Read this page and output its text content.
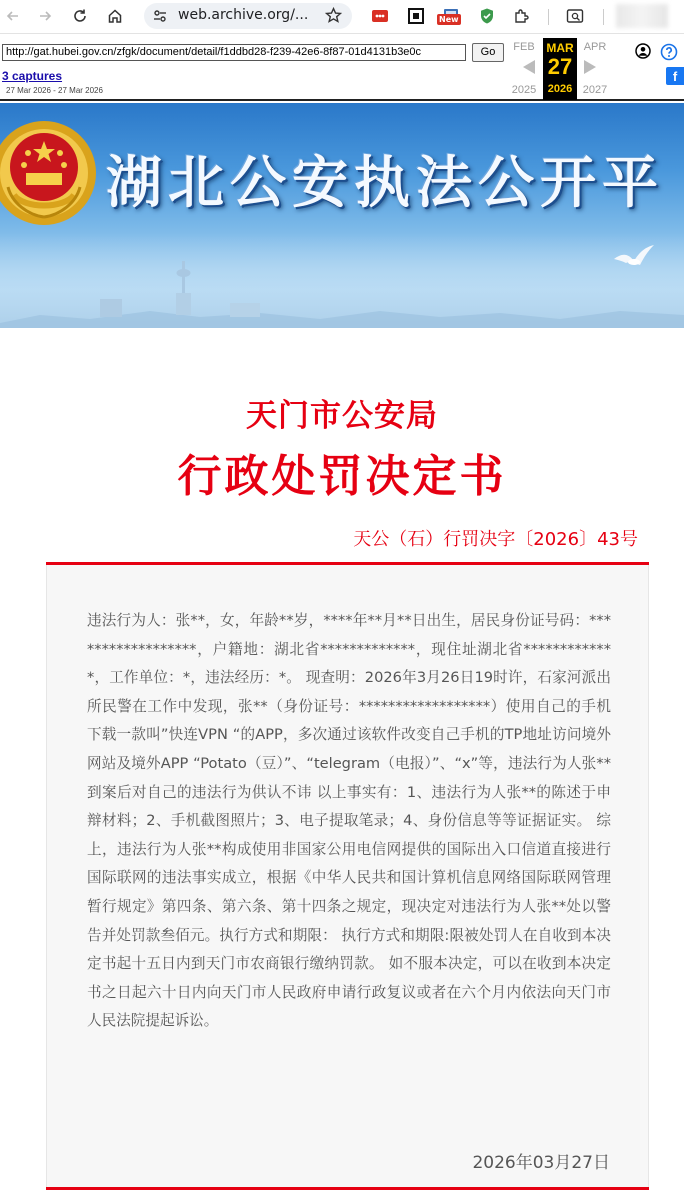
web.archive.org/...	New
http://gat.hubei.gov.cn/zfgk/document/detail/f1ddbd28-f239-42e6-8f87-01d4131b3e0c	Go
3 captures
27 Mar 2026 - 27 Mar 2026
FEB
2025
MAR
27
2026
APR
2027
f
湖北公安执法公开平
天门市公安局
行政处罚决定书
天公（石）行罚决字〔2026〕43号
违法行为人：张**，女，年龄**岁，****年**月**日出生，居民身份证号码：******************，户籍地：湖北省*************，现住址湖北省*************，工作单位：*，违法经历：*。 现查明：2026年3月26日19时许，石家河派出所民警在工作中发现，张**（身份证号：******************）使用自己的手机下载一款叫”快连VPN “的APP，多次通过该软件改变自己手机的TP地址访问境外网站及境外APP “Potato（豆）”、“telegram（电报）”、“x”等，违法行为人张**到案后对自己的违法行为供认不讳 以上事实有：1、违法行为人张**的陈述于申辩材料；2、手机截图照片；3、电子提取笔录；4、身份信息等等证据证实。 综上，违法行为人张**构成使用非国家公用电信网提供的国际出入口信道直接进行国际联网的违法事实成立，根据《中华人民共和国计算机信息网络国际联网管理暂行规定》第四条、第六条、第十四条之规定，现决定对违法行为人张**处以警告并处罚款叁佰元。执行方式和期限： 执行方式和期限:限被处罚人在自收到本决定书起十五日内到天门市农商银行缴纳罚款。 如不服本决定，可以在收到本决定书之日起六十日内向天门市人民政府申请行政复议或者在六个月内依法向天门市人民法院提起诉讼。
2026年03月27日
